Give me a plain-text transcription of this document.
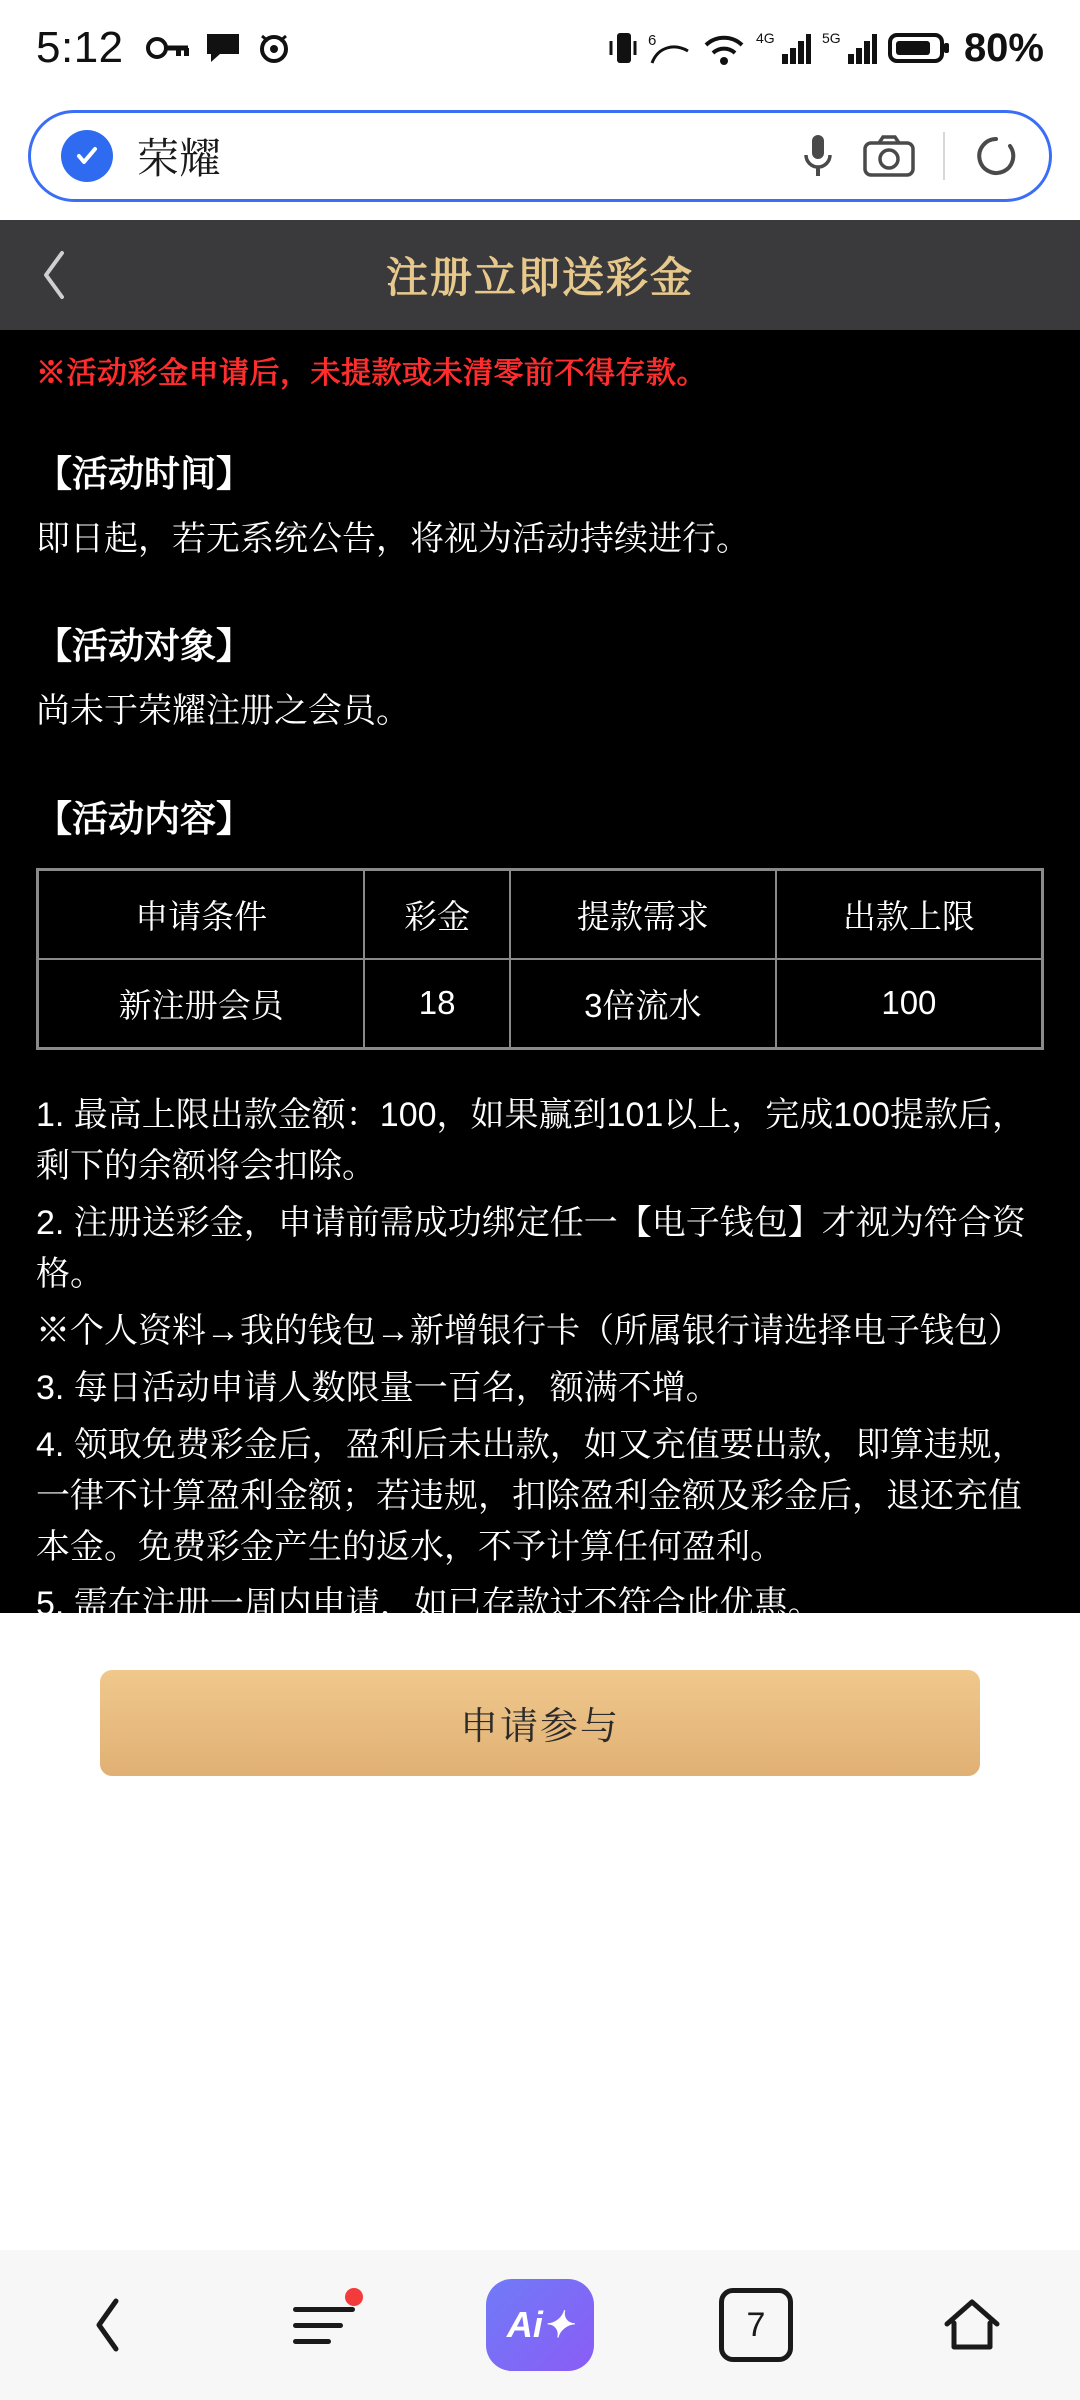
5:12	6	4G	5G	80%
荣耀
注册立即送彩金
※活动彩金申请后，未提款或未清零前不得存款。
【活动时间】
即日起，若无系统公告，将视为活动持续进行。
【活动对象】
尚未于荣耀注册之会员。
【活动内容】
申请条件	彩金	提款需求	出款上限
新注册会员	18	3倍流水	100
1. 最高上限出款金额：100，如果赢到101以上，完成100提款后，剩下的余额将会扣除。
2. 注册送彩金，申请前需成功绑定任一【电子钱包】才视为符合资格。
※个人资料→我的钱包→新增银行卡（所属银行请选择电子钱包）
3. 每日活动申请人数限量一百名，额满不增。
4. 领取免费彩金后，盈利后未出款，如又充值要出款，即算违规，一律不计算盈利金额；若违规，扣除盈利金额及彩金后，退还充值本金。免费彩金产生的返水，不予计算任何盈利。
5. 需在注册一周内申请，如已存款过不符合此优惠。
申请参与
Ai ✦	7
